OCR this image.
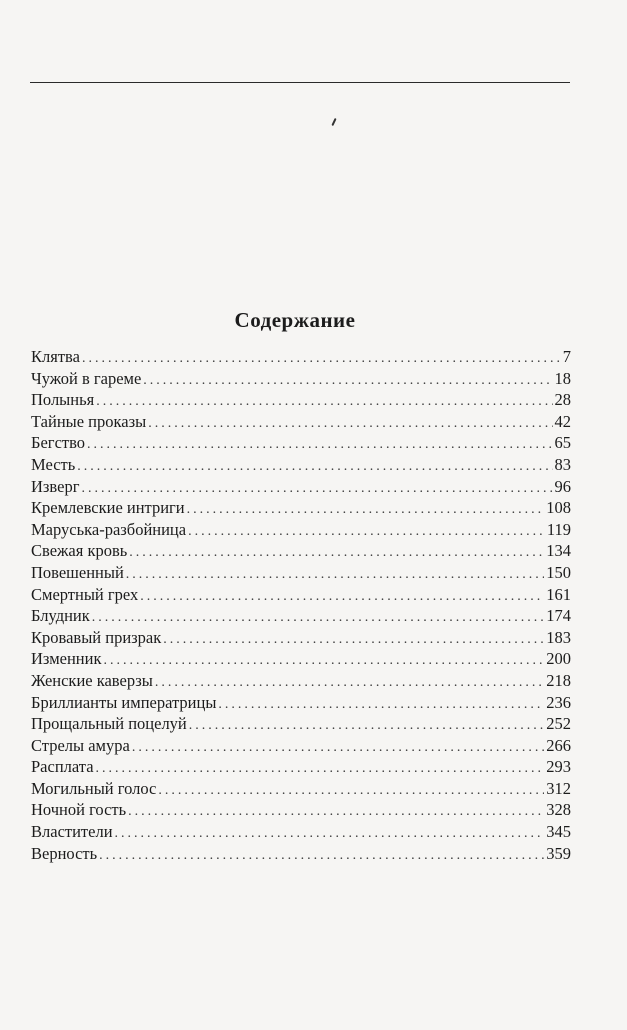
Содержание
Клятва .....	7
Чужой в гареме .....	18
Полынья .....	28
Тайные проказы .....	42
Бегство .....	65
Месть .....	83
Изверг .....	96
Кремлевские интриги .....	108
Маруська-разбойница .....	119
Свежая кровь .....	134
Повешенный .....	150
Смертный грех .....	161
Блудник .....	174
Кровавый призрак .....	183
Изменник .....	200
Женские каверзы .....	218
Бриллианты императрицы .....	236
Прощальный поцелуй .....	252
Стрелы амура .....	266
Расплата .....	293
Могильный голос .....	312
Ночной гость .....	328
Властители .....	345
Верность .....	359
